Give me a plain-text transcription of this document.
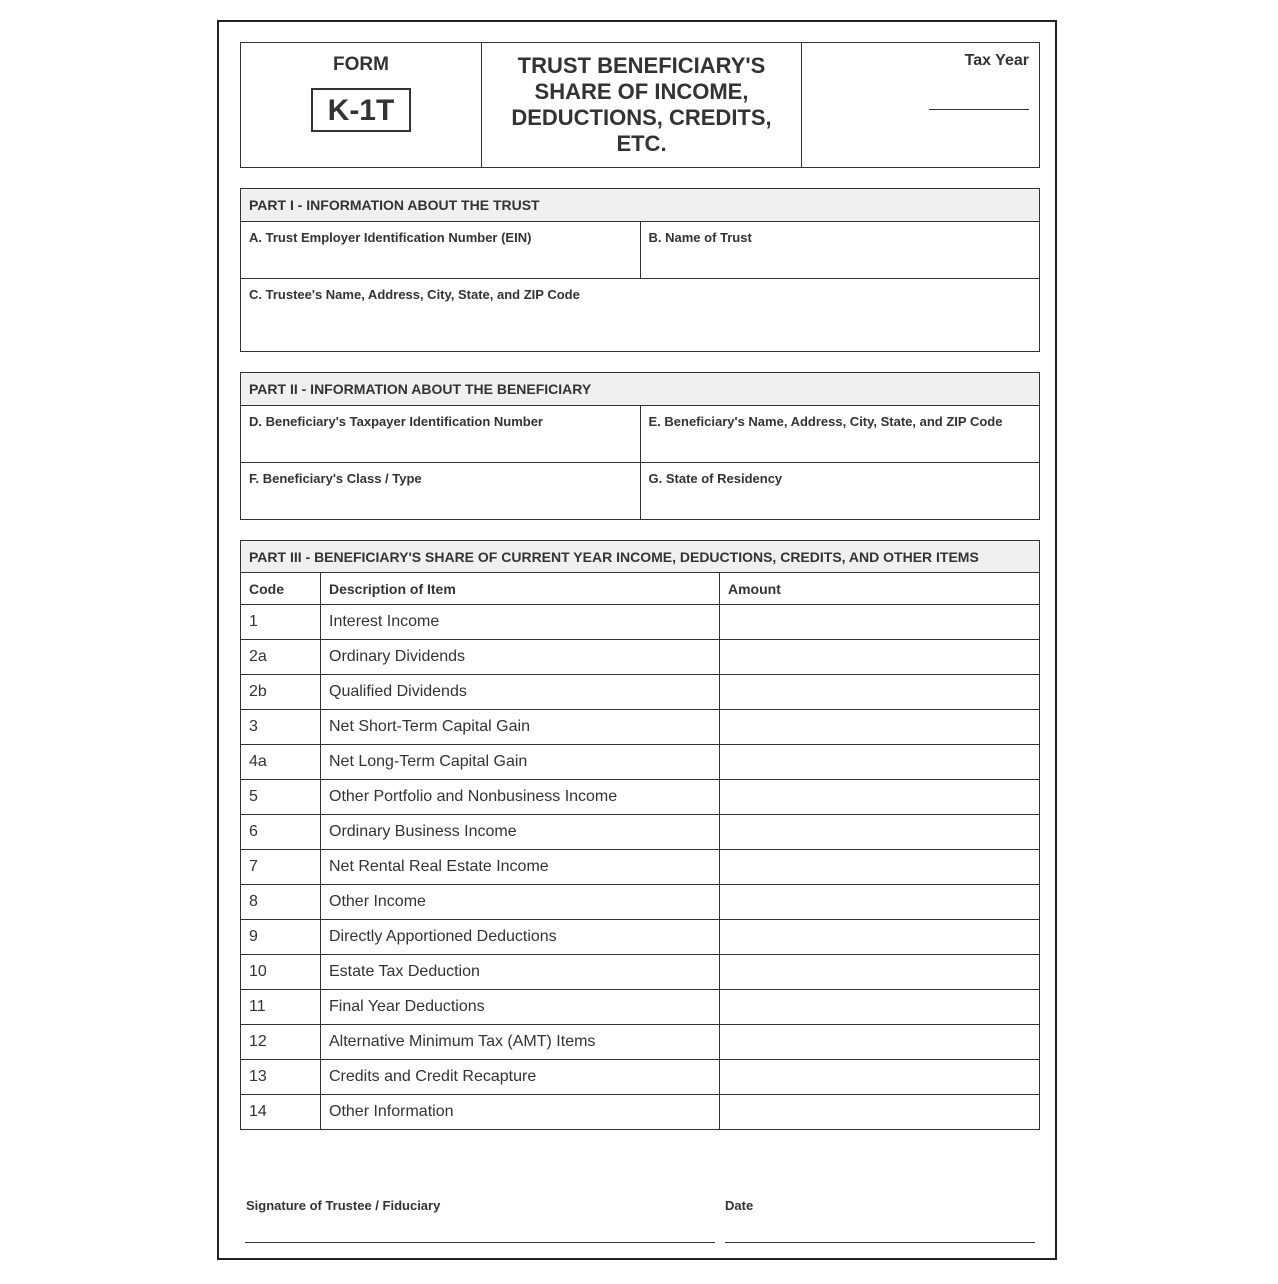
FORM
K-1T
TRUST BENEFICIARY'S SHARE OF INCOME, DEDUCTIONS, CREDITS, ETC.
Tax Year
PART I - INFORMATION ABOUT THE TRUST
A. Trust Employer Identification Number (EIN)	B. Name of Trust
C. Trustee's Name, Address, City, State, and ZIP Code
PART II - INFORMATION ABOUT THE BENEFICIARY
D. Beneficiary's Taxpayer Identification Number	E. Beneficiary's Name, Address, City, State, and ZIP Code
F. Beneficiary's Class / Type	G. State of Residency
PART III - BENEFICIARY'S SHARE OF CURRENT YEAR INCOME, DEDUCTIONS, CREDITS, AND OTHER ITEMS
Code	Description of Item	Amount
1	Interest Income	
2a	Ordinary Dividends	
2b	Qualified Dividends	
3	Net Short-Term Capital Gain	
4a	Net Long-Term Capital Gain	
5	Other Portfolio and Nonbusiness Income	
6	Ordinary Business Income	
7	Net Rental Real Estate Income	
8	Other Income	
9	Directly Apportioned Deductions	
10	Estate Tax Deduction	
11	Final Year Deductions	
12	Alternative Minimum Tax (AMT) Items	
13	Credits and Credit Recapture	
14	Other Information	
Signature of Trustee / Fiduciary	Date
